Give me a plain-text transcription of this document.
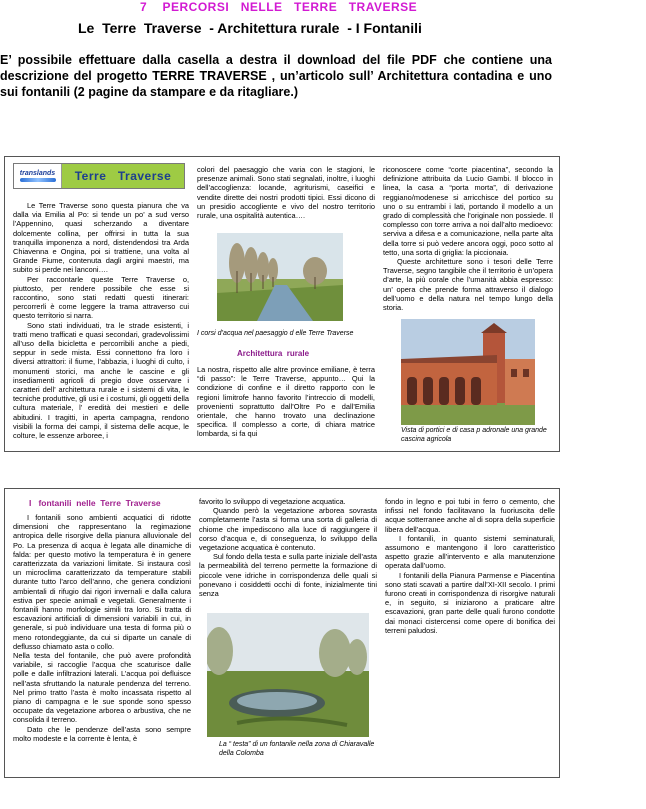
7    PERCORSI   NELLE   TERRE   TRAVERSE
Le  Terre  Traverse  - Architettura rurale  - I Fontanili
E’ possibile effettuare dalla casella a destra il download del file PDF che contiene una descrizione del progetto TERRE TRAVERSE , un’articolo sull’ Architettura contadina e uno sui fontanili (2 pagine da stampare e da ritagliare.)
translands	Terre   Traverse

Le Terre Traverse sono questa pianura che va dalla via Emilia al Po: si tende un po’ a sud verso l’Appennino, quasi scherzando a diventare dolcemente collina, per offrirsi in tutta la sua tranquilla imponenza a nord, distendendosi tra Arda Chiavenna e Ongina, poi si trattiene, una volta al Grande Fiume, contenuta dagli argini maestri, ma subito si perde nei lanconi….

Per raccontarle queste Terre Traverse o, piuttosto, per rendere possibile che esse si raccontino, sono stati redatti questi itinerari: percorrerli è come leggere la trama attraverso cui questo territorio si narra.

Sono stati individuati, tra le strade esistenti, i tratti meno trafficati e quasi secondari, gradevolissimi all’uso della bicicletta e percorribili anche a piedi, seppur in sede mista. Essi connettono fra loro i diversi attrattori: il fiume, l’abbazia, i luoghi di culto, i monumenti storici, ma anche le cascine e gli insediamenti agricoli di pregio dove osservare i caratteri dell’ architettura rurale e i sistemi di vita, le tecniche produttive, gli usi e i costumi, gli oggetti della cultura materiale, l’ eredità dei mestieri e delle abitudini. I tragitti, in aperta campagna, rendono visibili la forma dei campi, il sistema delle acque, le colture, le essenze arboree, i

colori del paesaggio che varia con le stagioni, le presenze animali. Sono stati segnalati, inoltre, i luoghi dell’accoglienza: locande, agriturismi, caseifici e vendite dirette dei nostri prodotti tipici. Essi dicono di un presidio accogliente e vivo del nostro territorio rurale, una ospitalità autentica….

I corsi d’acqua nel paesaggio d elle Terre Traverse
Architettura  rurale

La nostra, rispetto alle altre province emiliane, è terra “di passo”: le Terre Traverse, appunto… Qui la condizione di confine e il diretto rapporto con le regioni limitrofe hanno favorito l’intreccio di modelli, provenienti soprattutto dall’Oltre Po e dall’Emilia orientale, che hanno trovato una declinazione specifica. Il complesso a corte, di chiara matrice lombarda, si fa qui

riconoscere come “corte piacentina”, secondo la definizione attribuita da Lucio Gambi. Il blocco in linea, la casa a “porta morta”, di derivazione reggiano/modenese si arricchisce del portico su uno o su entrambi i lati, portando il modello a un grado di complessità che l’originale non possiede. Il complesso con torre arriva a noi dall’alto medioevo: serviva a difesa e a comunicazione, nella parte alta della torre si può vedere ancora oggi, poco sotto al tetto, una sorta di griglia: la piccionaia.

Queste architetture sono i tesori delle Terre Traverse, segno tangibile che il territorio è un’opera d’arte, la più corale che l’umanità abbia espresso: un’ opera che prende forma attraverso il dialogo dell’uomo e della natura nel tempo lungo della storia.

Vista di portici e di casa p adronale una grande cascina agricola
I   fontanili  nelle  Terre  Traverse

I fontanili sono ambienti acquatici di ridotte dimensioni che rappresentano la regimazione antropica delle risorgive della pianura alluvionale del Po. La presenza di acqua è legata alle dinamiche di falda: per questo motivo la temperatura è in genere caratterizzata da variazioni limitate. Si instaura così un microclima caratterizzato da temperature stabili durante tutto l’arco dell’anno, che genera condizioni ambientali di rifugio dai rigori invernali e dalla calura estiva per specie animali e vegetali. Generalmente i fontanili hanno morfologie simili tra loro. Si tratta di escavazioni artificiali di dimensioni variabili in cui, in generale, si può individuare una testa di forma più o meno rotondeggiante, da cui si diparte un canale di deflusso chiamato asta o collo.

Nella testa del fontanile, che può avere profondità variabile, si raccoglie l’acqua che scaturisce dalle polle e dalle infiltrazioni laterali. L’acqua poi defluisce nell’asta sfruttando la naturale pendenza del terreno. Nel primo tratto l’asta è molto incassata rispetto al piano di campagna e le sue sponde sono spesso occupate da vegetazione arborea o arbustiva, che ne consolida il terreno.

Dato che le pendenze dell’asta sono sempre molto modeste e la corrente è lenta, è

favorito lo sviluppo di vegetazione acquatica.

Quando però la vegetazione arborea sovrasta completamente l’asta si forma una sorta di galleria di chiome che impediscono alla luce di raggiungere il corso d’acqua e, di conseguenza, lo sviluppo della vegetazione acquatica è contenuto.

Sul fondo della testa e sulla parte iniziale dell’asta la permeabilità del terreno permette la formazione di piccole vene idriche in corrispondenza delle quali si ponevano i cosiddetti occhi di fonte, inizialmente tini senza

La “ testa” di un fontanile nella zona di Chiaravalle della Colomba

fondo in legno e poi tubi in ferro o cemento, che infissi nel fondo facilitavano la fuoriuscita delle acque sotterranee anche al di sopra della superficie libera dell’acqua.

I fontanili, in quanto sistemi seminaturali, assumono e mantengono il loro caratteristico aspetto grazie all’intervento e alla manutenzione operata dall’uomo.

I fontanili della Pianura Parmense e Piacentina sono stati scavati a partire dall’XI-XII secolo. I primi furono creati in corrispondenza di risorgive naturali e, in seguito, si iniziarono a praticare altre escavazioni, gran parte delle quali furono condotte dai monaci cistercensi come opere di bonifica dei terreni paludosi.
